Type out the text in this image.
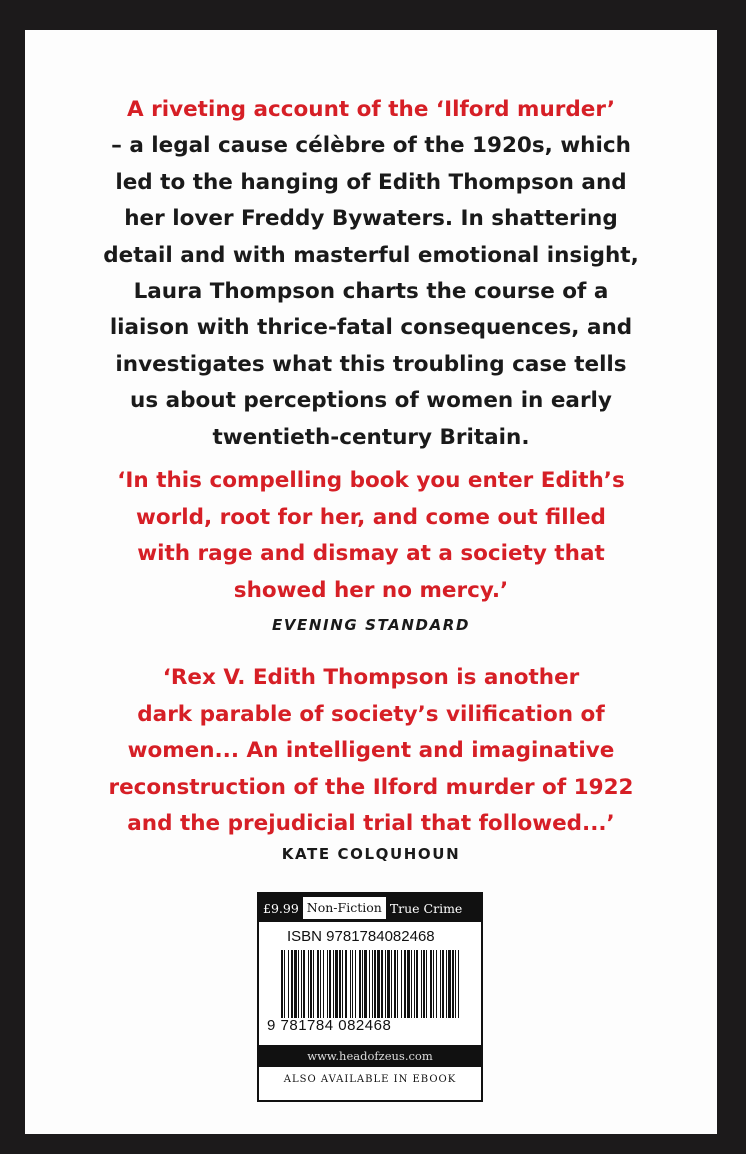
A riveting account of the ‘Ilford murder’
– a legal cause célèbre of the 1920s, which
led to the hanging of Edith Thompson and
her lover Freddy Bywaters. In shattering
detail and with masterful emotional insight,
Laura Thompson charts the course of a
liaison with thrice-fatal consequences, and
investigates what this troubling case tells
us about perceptions of women in early
twentieth-century Britain.
‘In this compelling book you enter Edith’s
world, root for her, and come out filled
with rage and dismay at a society that
showed her no mercy.’
EVENING STANDARD
‘Rex V. Edith Thompson is another
dark parable of society’s vilification of
women... An intelligent and imaginative
reconstruction of the Ilford murder of 1922
and the prejudicial trial that followed...’
KATE COLQUHOUN
£9.99 Non-Fiction True Crime
ISBN 9781784082468
9 781784 082468
www.headofzeus.com
ALSO AVAILABLE IN EBOOK
